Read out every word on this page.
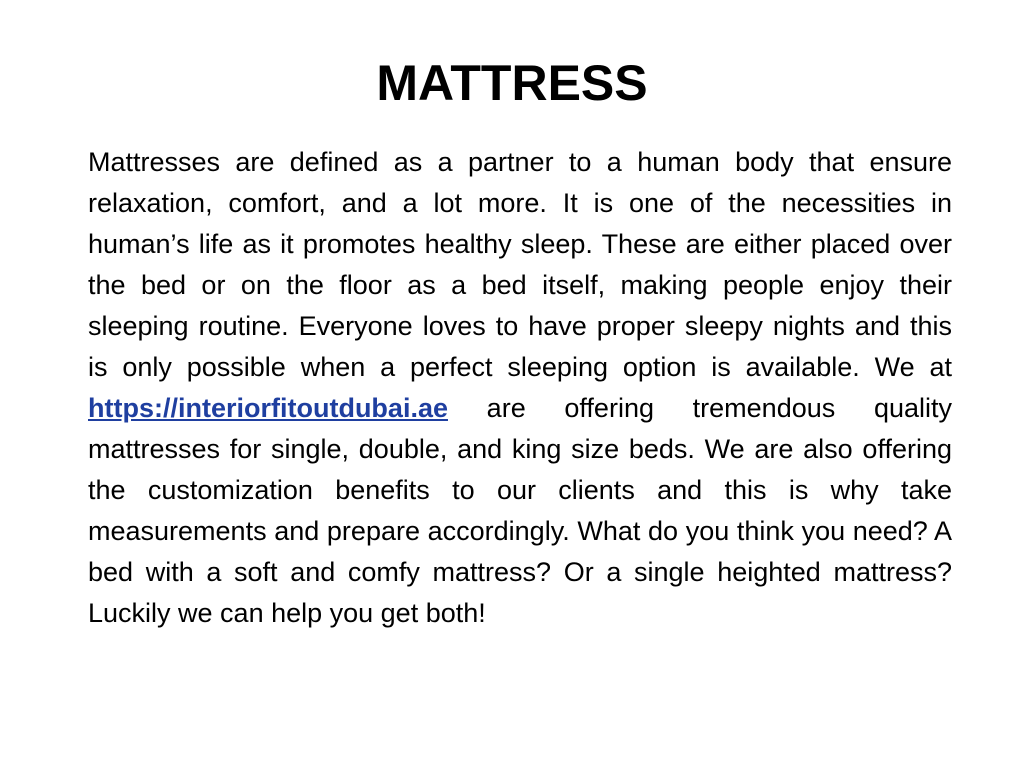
MATTRESS

Mattresses are defined as a partner to a human body that ensure relaxation, comfort, and a lot more. It is one of the necessities in human’s life as it promotes healthy sleep. These are either placed over the bed or on the floor as a bed itself, making people enjoy their sleeping routine. Everyone loves to have proper sleepy nights and this is only possible when a perfect sleeping option is available. We at https://interiorfitoutdubai.ae are offering tremendous quality mattresses for single, double, and king size beds. We are also offering the customization benefits to our clients and this is why take measurements and prepare accordingly. What do you think you need? A bed with a soft and comfy mattress? Or a single heighted mattress? Luckily we can help you get both!
